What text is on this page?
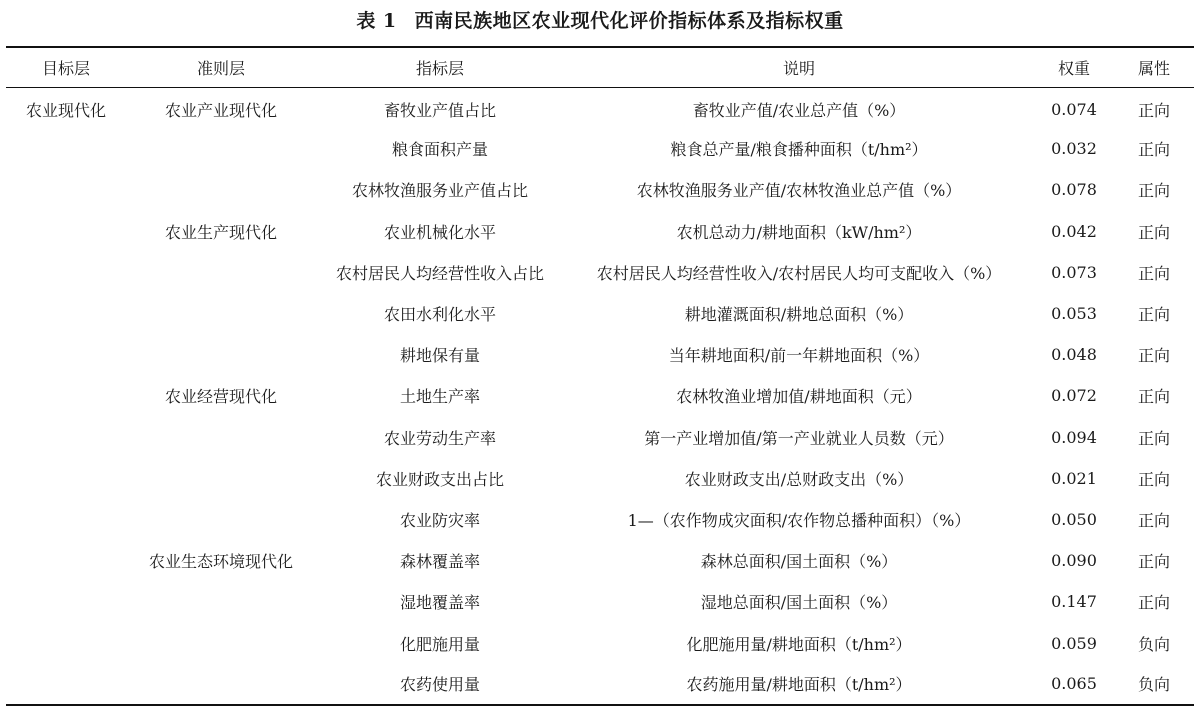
表 1 西南民族地区农业现代化评价指标体系及指标权重
目标层	准则层	指标层	说明	权重	属性
农业现代化	农业产业现代化	畜牧业产值占比	畜牧业产值/农业总产值（%）	0.074	正向
		粮食面积产量	粮食总产量/粮食播种面积（t/hm²）	0.032	正向
		农林牧渔服务业产值占比	农林牧渔服务业产值/农林牧渔业总产值（%）	0.078	正向
	农业生产现代化	农业机械化水平	农机总动力/耕地面积（kW/hm²）	0.042	正向
		农村居民人均经营性收入占比	农村居民人均经营性收入/农村居民人均可支配收入（%）	0.073	正向
		农田水利化水平	耕地灌溉面积/耕地总面积（%）	0.053	正向
		耕地保有量	当年耕地面积/前一年耕地面积（%）	0.048	正向
	农业经营现代化	土地生产率	农林牧渔业增加值/耕地面积（元）	0.072	正向
		农业劳动生产率	第一产业增加值/第一产业就业人员数（元）	0.094	正向
		农业财政支出占比	农业财政支出/总财政支出（%）	0.021	正向
		农业防灾率	1—（农作物成灾面积/农作物总播种面积）（%）	0.050	正向
	农业生态环境现代化	森林覆盖率	森林总面积/国土面积（%）	0.090	正向
		湿地覆盖率	湿地总面积/国土面积（%）	0.147	正向
		化肥施用量	化肥施用量/耕地面积（t/hm²）	0.059	负向
		农药使用量	农药施用量/耕地面积（t/hm²）	0.065	负向
